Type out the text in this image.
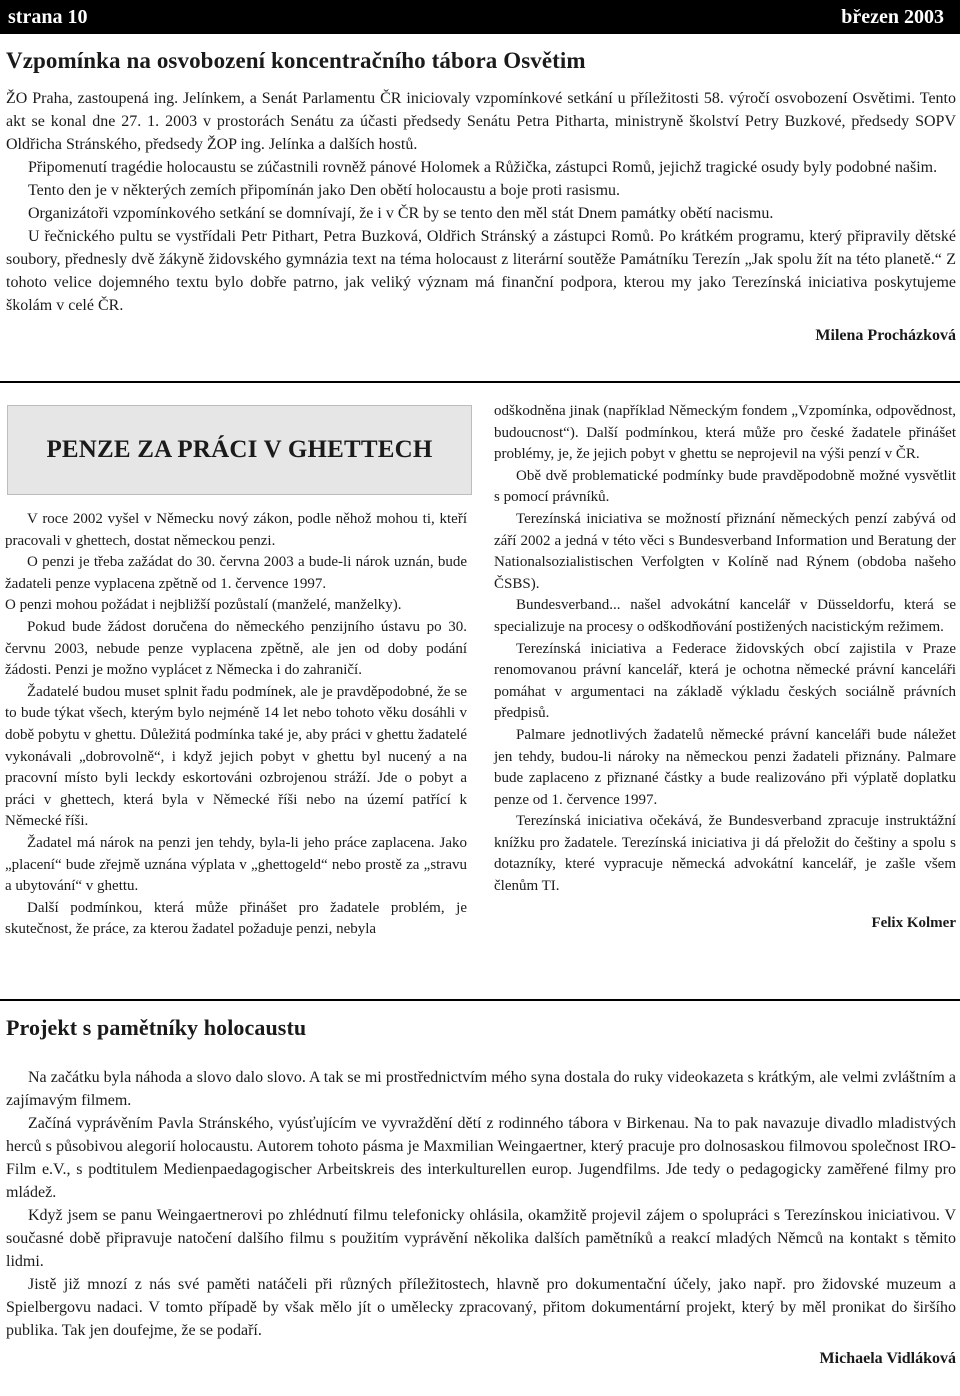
strana 10	březen 2003
Vzpomínka na osvobození koncentračního tábora Osvětim

ŽO Praha, zastoupená ing. Jelínkem, a Senát Parlamentu ČR iniciovaly vzpomínkové setkání u příležitosti 58. výročí osvobození Osvětimi. Tento akt se konal dne 27. 1. 2003 v prostorách Senátu za účasti předsedy Senátu Petra Pitharta, ministryně školství Petry Buzkové, předsedy SOPV Oldřicha Stránského, předsedy ŽOP ing. Jelínka a dalších hostů.

Připomenutí tragédie holocaustu se zúčastnili rovněž pánové Holomek a Růžička, zástupci Romů, jejichž tragické osudy byly podobné našim.

Tento den je v některých zemích připomínán jako Den obětí holocaustu a boje proti rasismu.

Organizátoři vzpomínkového setkání se domnívají, že i v ČR by se tento den měl stát Dnem památky obětí nacismu.

U řečnického pultu se vystřídali Petr Pithart, Petra Buzková, Oldřich Stránský a zástupci Romů. Po krátkém programu, který připravily dětské soubory, přednesly dvě žákyně židovského gymnázia text na téma holocaust z literární soutěže Památníku Terezín „Jak spolu žít na této planetě.“ Z tohoto velice dojemného textu bylo dobře patrno, jak veliký význam má finanční podpora, kterou my jako Terezínská iniciativa poskytujeme školám v celé ČR.

Milena Procházková
PENZE ZA PRÁCI V GHETTECH

V roce 2002 vyšel v Německu nový zákon, podle něhož mohou ti, kteří pracovali v ghettech, dostat německou penzi.

O penzi je třeba zažádat do 30. června 2003 a bude-li nárok uznán, bude žadateli penze vyplacena zpětně od 1. července 1997.

O penzi mohou požádat i nejbližší pozůstalí (manželé, manželky).

Pokud bude žádost doručena do německého penzijního ústavu po 30. červnu 2003, nebude penze vyplacena zpětně, ale jen od doby podání žádosti. Penzi je možno vyplácet z Německa i do zahraničí.

Žadatelé budou muset splnit řadu podmínek, ale je pravděpodobné, že se to bude týkat všech, kterým bylo nejméně 14 let nebo tohoto věku dosáhli v době pobytu v ghettu. Důležitá podmínka také je, aby práci v ghettu žadatelé vykonávali „dobrovolně“, i když jejich pobyt v ghettu byl nucený a na pracovní místo byli leckdy eskortováni ozbrojenou stráží. Jde o pobyt a práci v ghettech, která byla v Německé říši nebo na území patřící k Německé říši.

Žadatel má nárok na penzi jen tehdy, byla-li jeho práce zaplacena. Jako „placení“ bude zřejmě uznána výplata v „ghettogeld“ nebo prostě za „stravu a ubytování“ v ghettu.

Další podmínkou, která může přinášet pro žadatele problém, je skutečnost, že práce, za kterou žadatel požaduje penzi, nebyla

odškodněna jinak (například Německým fondem „Vzpomínka, odpovědnost, budoucnost“). Další podmínkou, která může pro české žadatele přinášet problémy, je, že jejich pobyt v ghettu se neprojevil na výši penzí v ČR.

Obě dvě problematické podmínky bude pravděpodobně možné vysvětlit s pomocí právníků.

Terezínská iniciativa se možností přiznání německých penzí zabývá od září 2002 a jedná v této věci s Bundesverband Information und Beratung der Nationalsozialistischen Verfolgten v Kolíně nad Rýnem (obdoba našeho ČSBS).

Bundesverband... našel advokátní kancelář v Düsseldorfu, která se specializuje na procesy o odškodňování postižených nacistickým režimem.

Terezínská iniciativa a Federace židovských obcí zajistila v Praze renomovanou právní kancelář, která je ochotna německé právní kanceláři pomáhat v argumentaci na základě výkladu českých sociálně právních předpisů.

Palmare jednotlivých žadatelů německé právní kanceláři bude náležet jen tehdy, budou-li nároky na německou penzi žadateli přiznány. Palmare bude zaplaceno z přiznané částky a bude realizováno při výplatě doplatku penze od 1. července 1997.

Terezínská iniciativa očekává, že Bundesverband zpracuje instruktážní knížku pro žadatele. Terezínská iniciativa ji dá přeložit do češtiny a spolu s dotazníky, které vypracuje německá advokátní kancelář, je zašle všem členům TI.

Felix Kolmer
Projekt s pamětníky holocaustu

Na začátku byla náhoda a slovo dalo slovo. A tak se mi prostřednictvím mého syna dostala do ruky videokazeta s krátkým, ale velmi zvláštním a zajímavým filmem.

Začíná vyprávěním Pavla Stránského, vyúsťujícím ve vyvraždění dětí z rodinného tábora v Birkenau. Na to pak navazuje divadlo mladistvých herců s působivou alegorií holocaustu. Autorem tohoto pásma je Maxmilian Weingaertner, který pracuje pro dolnosaskou filmovou společnost IRO-Film e.V., s podtitulem Medienpaedagogischer Arbeitskreis des interkulturellen europ. Jugendfilms. Jde tedy o pedagogicky zaměřené filmy pro mládež.

Když jsem se panu Weingaertnerovi po zhlédnutí filmu telefonicky ohlásila, okamžitě projevil zájem o spolupráci s Terezínskou iniciativou. V současné době připravuje natočení dalšího filmu s použitím vyprávění několika dalších pamětníků a reakcí mladých Němců na kontakt s těmito lidmi.

Jistě již mnozí z nás své paměti natáčeli při různých příležitostech, hlavně pro dokumentační účely, jako např. pro židovské muzeum a Spielbergovu nadaci. V tomto případě by však mělo jít o umělecky zpracovaný, přitom dokumentární projekt, který by měl pronikat do širšího publika. Tak jen doufejme, že se podaří.

Michaela Vidláková
